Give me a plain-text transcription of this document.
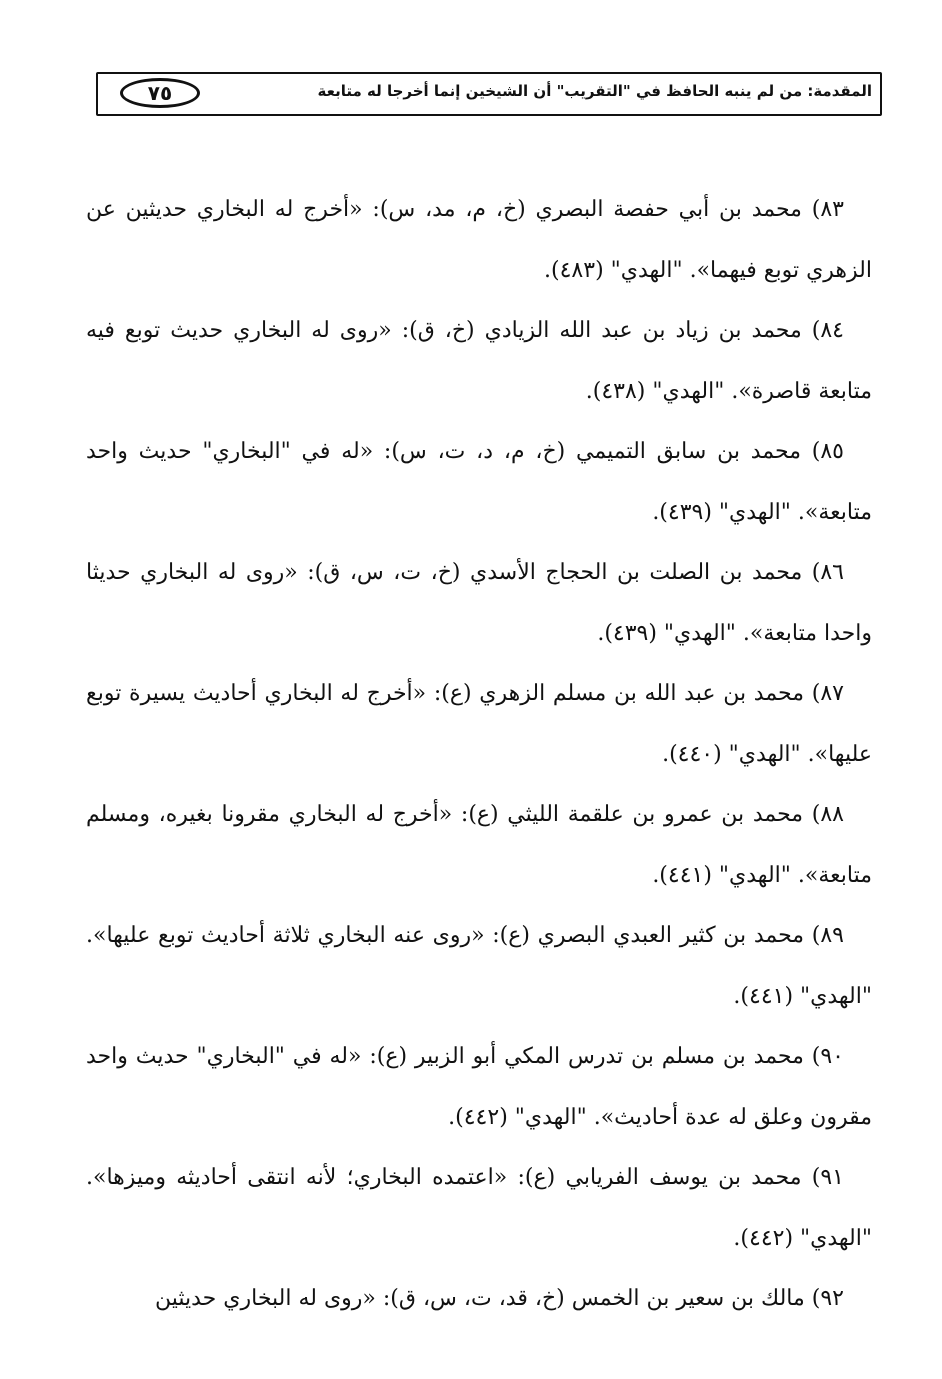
المقدمة: من لم ينبه الحافظ في "التقريب" أن الشيخين إنما أخرجا له متابعة
٧٥

٨٣) محمد بن أبي حفصة البصري (خ، م، مد، س): «أخرج له البخاري حديثين عن الزهري توبع فيهما». "الهدي" (٤٨٣).

٨٤) محمد بن زياد بن عبد الله الزيادي (خ، ق): «روى له البخاري حديث توبع فيه متابعة قاصرة». "الهدي" (٤٣٨).

٨٥) محمد بن سابق التميمي (خ، م، د، ت، س): «له في "البخاري" حديث واحد متابعة». "الهدي" (٤٣٩).

٨٦) محمد بن الصلت بن الحجاج الأسدي (خ، ت، س، ق): «روى له البخاري حديثا واحدا متابعة». "الهدي" (٤٣٩).

٨٧) محمد بن عبد الله بن مسلم الزهري (ع): «أخرج له البخاري أحاديث يسيرة توبع عليها». "الهدي" (٤٤٠).

٨٨) محمد بن عمرو بن علقمة الليثي (ع): «أخرج له البخاري مقرونا بغيره، ومسلم متابعة». "الهدي" (٤٤١).

٨٩) محمد بن كثير العبدي البصري (ع): «روى عنه البخاري ثلاثة أحاديث توبع عليها». "الهدي" (٤٤١).

٩٠) محمد بن مسلم بن تدرس المكي أبو الزبير (ع): «له في "البخاري" حديث واحد مقرون وعلق له عدة أحاديث». "الهدي" (٤٤٢).

٩١) محمد بن يوسف الفريابي (ع): «اعتمده البخاري؛ لأنه انتقى أحاديثه وميزها». "الهدي" (٤٤٢).

٩٢) مالك بن سعير بن الخمس (خ، قد، ت، س، ق): «روى له البخاري حديثين
